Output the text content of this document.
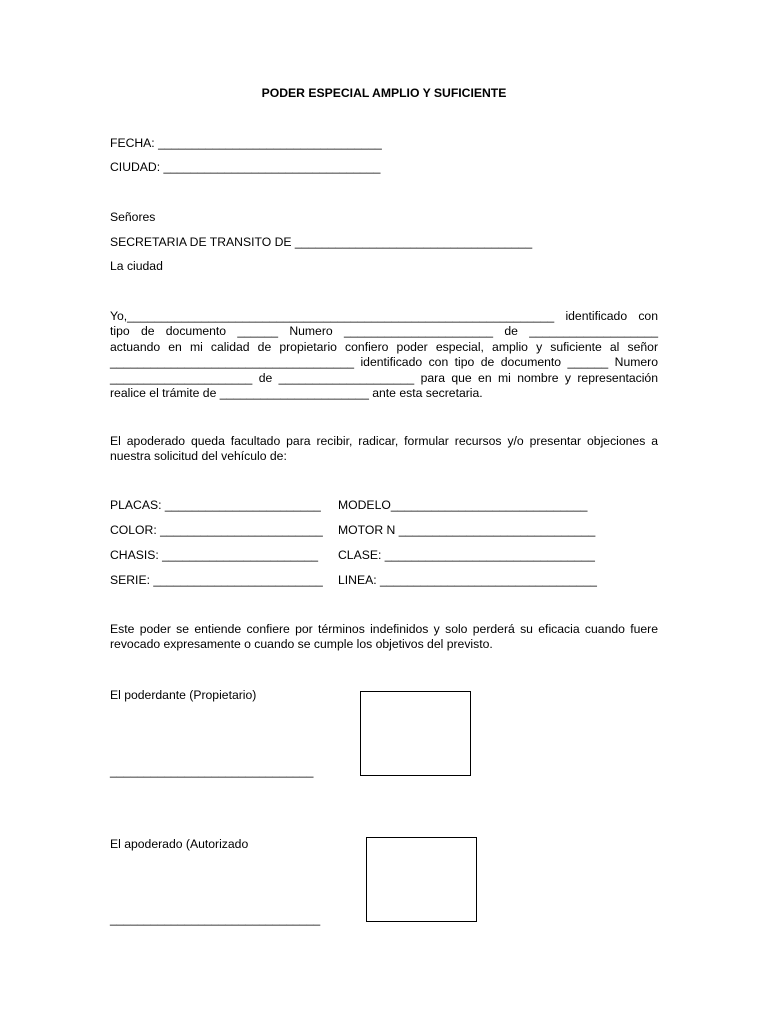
PODER ESPECIAL AMPLIO Y SUFICIENTE
FECHA: _________________________________
CIUDAD: ________________________________
Señores
SECRETARIA DE TRANSITO DE ___________________________________
La ciudad
Yo,_______________________________________________________________ identificado con
tipo de documento ______ Numero ______________________ de ___________________
actuando en mi calidad de propietario confiero poder especial, amplio y suficiente al señor
____________________________________ identificado con tipo de documento ______ Numero
_____________________ de ____________________ para que en mi nombre y representación
realice el trámite de ______________________ ante esta secretaria.
El apoderado queda facultado para recibir, radicar, formular recursos y/o presentar objeciones a
nuestra solicitud del vehículo de:
PLACAS: _______________________ MODELO_____________________________
COLOR: ________________________ MOTOR N _____________________________
CHASIS: _______________________ CLASE: _______________________________
SERIE: _________________________ LINEA: ________________________________
Este poder se entiende confiere por términos indefinidos y solo perderá su eficacia cuando fuere
revocado expresamente o cuando se cumple los objetivos del previsto.
El poderdante (Propietario)
______________________________
El apoderado (Autorizado
_______________________________
